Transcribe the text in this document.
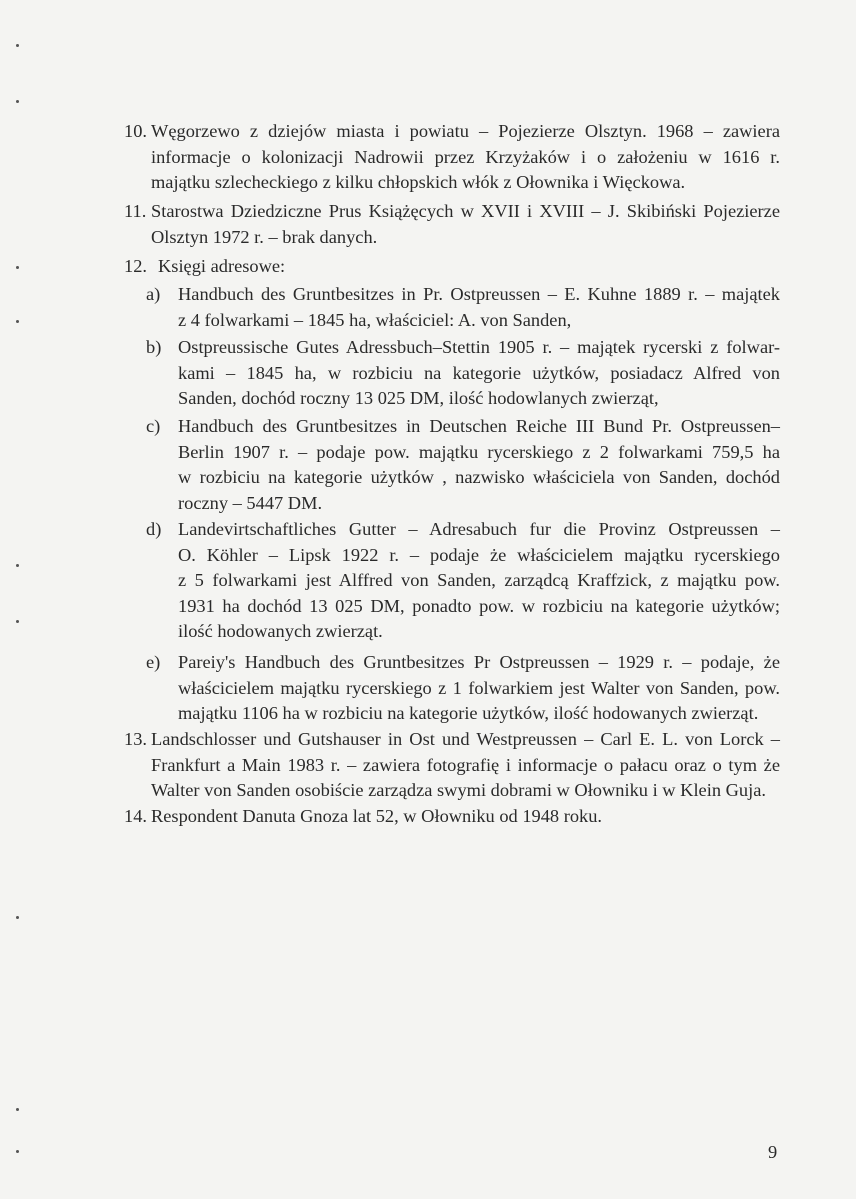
10. Węgorzewo z dziejów miasta i powiatu – Pojezierze Olsztyn. 1968 – zawiera
informacje o kolonizacji Nadrowii przez Krzyżaków i o założeniu w 1616 r.
majątku szlecheckiego z kilku chłopskich włók z Ołownika i Więckowa.
11. Starostwa Dziedziczne Prus Książęcych w XVII i XVIII – J. Skibiński Pojezierze
Olsztyn 1972 r. – brak danych.
12. Księgi adresowe:
a) Handbuch des Gruntbesitzes in Pr. Ostpreussen – E. Kuhne 1889 r. – majątek
z 4 folwarkami – 1845 ha, właściciel: A. von Sanden,
b) Ostpreussische Gutes Adressbuch–Stettin 1905 r. – majątek rycerski z folwar-
kami – 1845 ha, w rozbiciu na kategorie użytków, posiadacz Alfred von
Sanden, dochód roczny 13 025 DM, ilość hodowlanych zwierząt,
c) Handbuch des Gruntbesitzes in Deutschen Reiche III Bund Pr. Ostpreussen–
Berlin 1907 r. – podaje pow. majątku rycerskiego z 2 folwarkami 759,5 ha
w rozbiciu na kategorie użytków , nazwisko właściciela von Sanden, dochód
roczny – 5447 DM.
d) Landevirtschaftliches Gutter – Adresabuch fur die Provinz Ostpreussen –
O. Köhler – Lipsk 1922 r. – podaje że właścicielem majątku rycerskiego
z 5 folwarkami jest Alffred von Sanden, zarządcą Kraffzick, z majątku pow.
1931 ha dochód 13 025 DM, ponadto pow. w rozbiciu na kategorie użytków;
ilość hodowanych zwierząt.
e) Pareiy's Handbuch des Gruntbesitzes Pr Ostpreussen – 1929 r. – podaje, że
właścicielem majątku rycerskiego z 1 folwarkiem jest Walter von Sanden, pow.
majątku 1106 ha w rozbiciu na kategorie użytków, ilość hodowanych zwierząt.
13. Landschlosser und Gutshauser in Ost und Westpreussen – Carl E. L. von Lorck –
Frankfurt a Main 1983 r. – zawiera fotografię i informacje o pałacu oraz o tym że
Walter von Sanden osobiście zarządza swymi dobrami w Ołowniku i w Klein Guja.
14. Respondent Danuta Gnoza lat 52, w Ołowniku od 1948 roku.
9
